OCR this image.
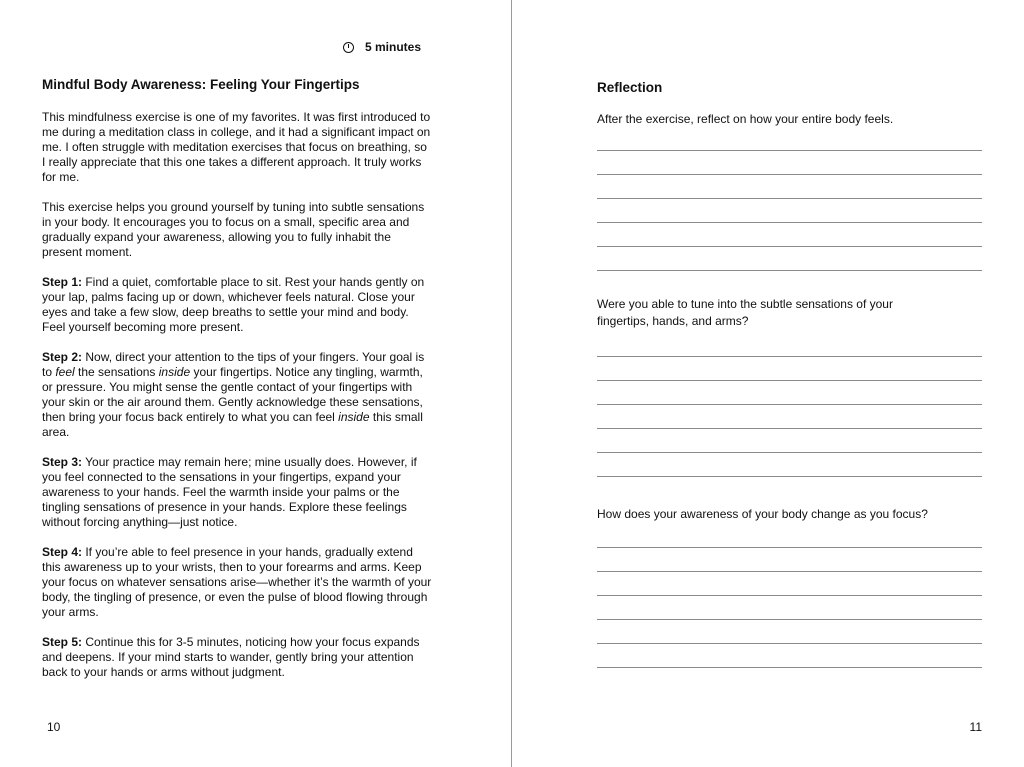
5 minutes
Mindful Body Awareness: Feeling Your Fingertips

This mindfulness exercise is one of my favorites. It was first introduced to me during a meditation class in college, and it had a significant impact on me. I often struggle with meditation exercises that focus on breathing, so I really appreciate that this one takes a different approach. It truly works for me.

This exercise helps you ground yourself by tuning into subtle sensations in your body. It encourages you to focus on a small, specific area and gradually expand your awareness, allowing you to fully inhabit the present moment.

Step 1: Find a quiet, comfortable place to sit. Rest your hands gently on your lap, palms facing up or down, whichever feels natural. Close your eyes and take a few slow, deep breaths to settle your mind and body. Feel yourself becoming more present.

Step 2: Now, direct your attention to the tips of your fingers. Your goal is to feel the sensations inside your fingertips. Notice any tingling, warmth, or pressure. You might sense the gentle contact of your fingertips with your skin or the air around them. Gently acknowledge these sensations, then bring your focus back entirely to what you can feel inside this small area.

Step 3: Your practice may remain here; mine usually does. However, if you feel connected to the sensations in your fingertips, expand your awareness to your hands. Feel the warmth inside your palms or the tingling sensations of presence in your hands. Explore these feelings without forcing anything—just notice.

Step 4: If you’re able to feel presence in your hands, gradually extend this awareness up to your wrists, then to your forearms and arms. Keep your focus on whatever sensations arise—whether it’s the warmth of your body, the tingling of presence, or even the pulse of blood flowing through your arms.

Step 5: Continue this for 3-5 minutes, noticing how your focus expands and deepens. If your mind starts to wander, gently bring your attention back to your hands or arms without judgment.

10
Reflection
After the exercise, reflect on how your entire body feels.
Were you able to tune into the subtle sensations of your fingertips, hands, and arms?
How does your awareness of your body change as you focus?
11
